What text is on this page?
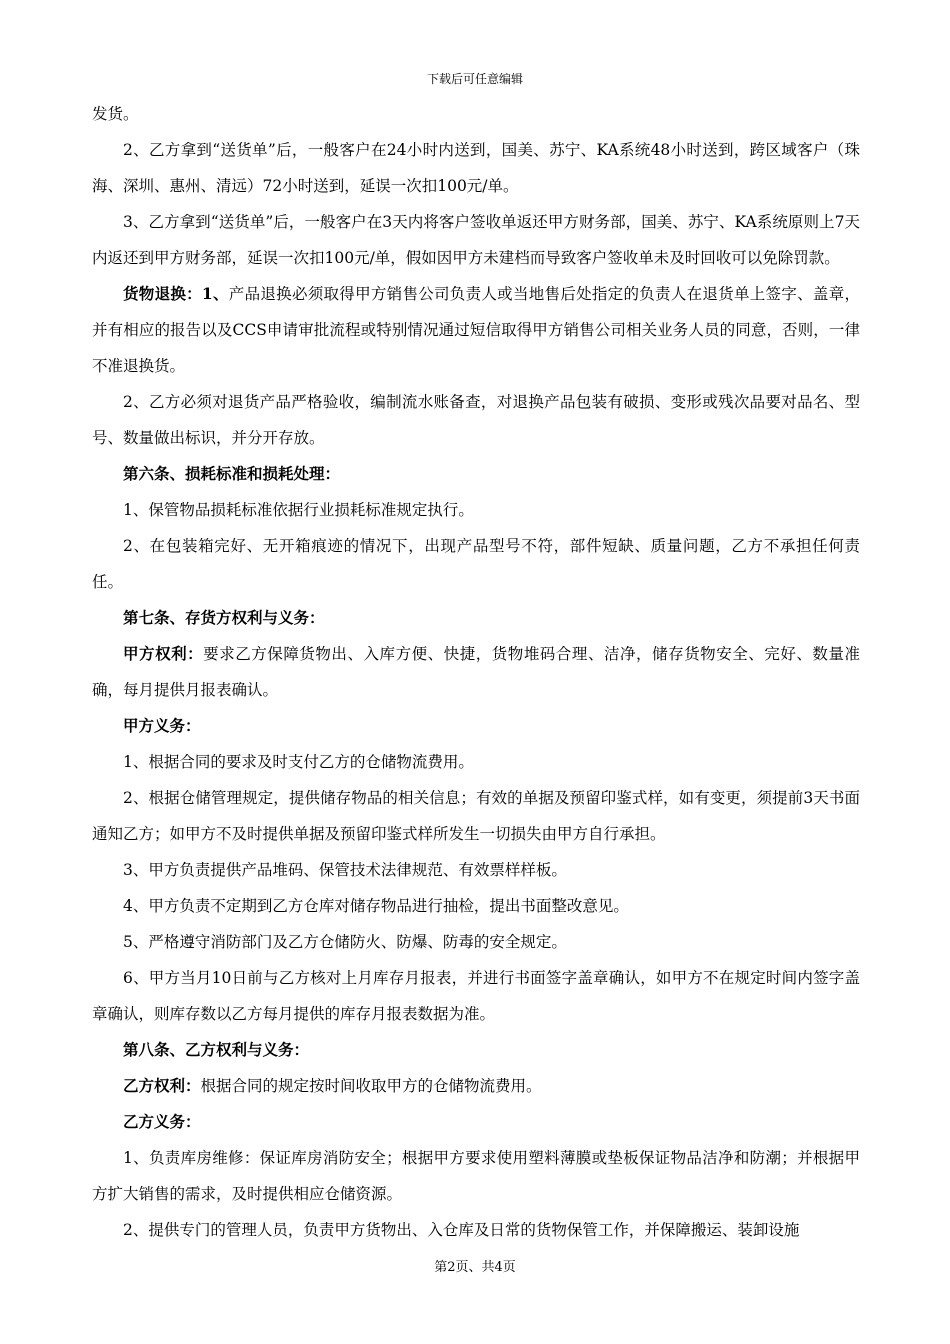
下载后可任意编辑

发货。

2、乙方拿到“送货单”后，一般客户在24小时内送到，国美、苏宁、KA系统48小时送到，跨区域客户（珠海、深圳、惠州、清远）72小时送到，延误一次扣100元/单。

3、乙方拿到“送货单”后，一般客户在3天内将客户签收单返还甲方财务部，国美、苏宁、KA系统原则上7天内返还到甲方财务部，延误一次扣100元/单，假如因甲方未建档而导致客户签收单未及时回收可以免除罚款。

货物退换：1、产品退换必须取得甲方销售公司负责人或当地售后处指定的负责人在退货单上签字、盖章，并有相应的报告以及CCS申请审批流程或特别情况通过短信取得甲方销售公司相关业务人员的同意，否则，一律不准退换货。

2、乙方必须对退货产品严格验收，编制流水账备查，对退换产品包装有破损、变形或残次品要对品名、型号、数量做出标识，并分开存放。

第六条、损耗标准和损耗处理：

1、保管物品损耗标准依据行业损耗标准规定执行。

2、在包装箱完好、无开箱痕迹的情况下，出现产品型号不符，部件短缺、质量问题，乙方不承担任何责任。

第七条、存货方权利与义务：

甲方权利：要求乙方保障货物出、入库方便、快捷，货物堆码合理、洁净，储存货物安全、完好、数量准确，每月提供月报表确认。

甲方义务：

1、根据合同的要求及时支付乙方的仓储物流费用。

2、根据仓储管理规定，提供储存物品的相关信息；有效的单据及预留印鉴式样，如有变更，须提前3天书面通知乙方；如甲方不及时提供单据及预留印鉴式样所发生一切损失由甲方自行承担。

3、甲方负责提供产品堆码、保管技术法律规范、有效票样样板。

4、甲方负责不定期到乙方仓库对储存物品进行抽检，提出书面整改意见。

5、严格遵守消防部门及乙方仓储防火、防爆、防毒的安全规定。

6、甲方当月10日前与乙方核对上月库存月报表，并进行书面签字盖章确认，如甲方不在规定时间内签字盖章确认，则库存数以乙方每月提供的库存月报表数据为准。

第八条、乙方权利与义务：

乙方权利：根据合同的规定按时间收取甲方的仓储物流费用。

乙方义务：

1、负责库房维修：保证库房消防安全；根据甲方要求使用塑料薄膜或垫板保证物品洁净和防潮；并根据甲方扩大销售的需求，及时提供相应仓储资源。

2、提供专门的管理人员，负责甲方货物出、入仓库及日常的货物保管工作，并保障搬运、装卸设施

第2页、共4页
